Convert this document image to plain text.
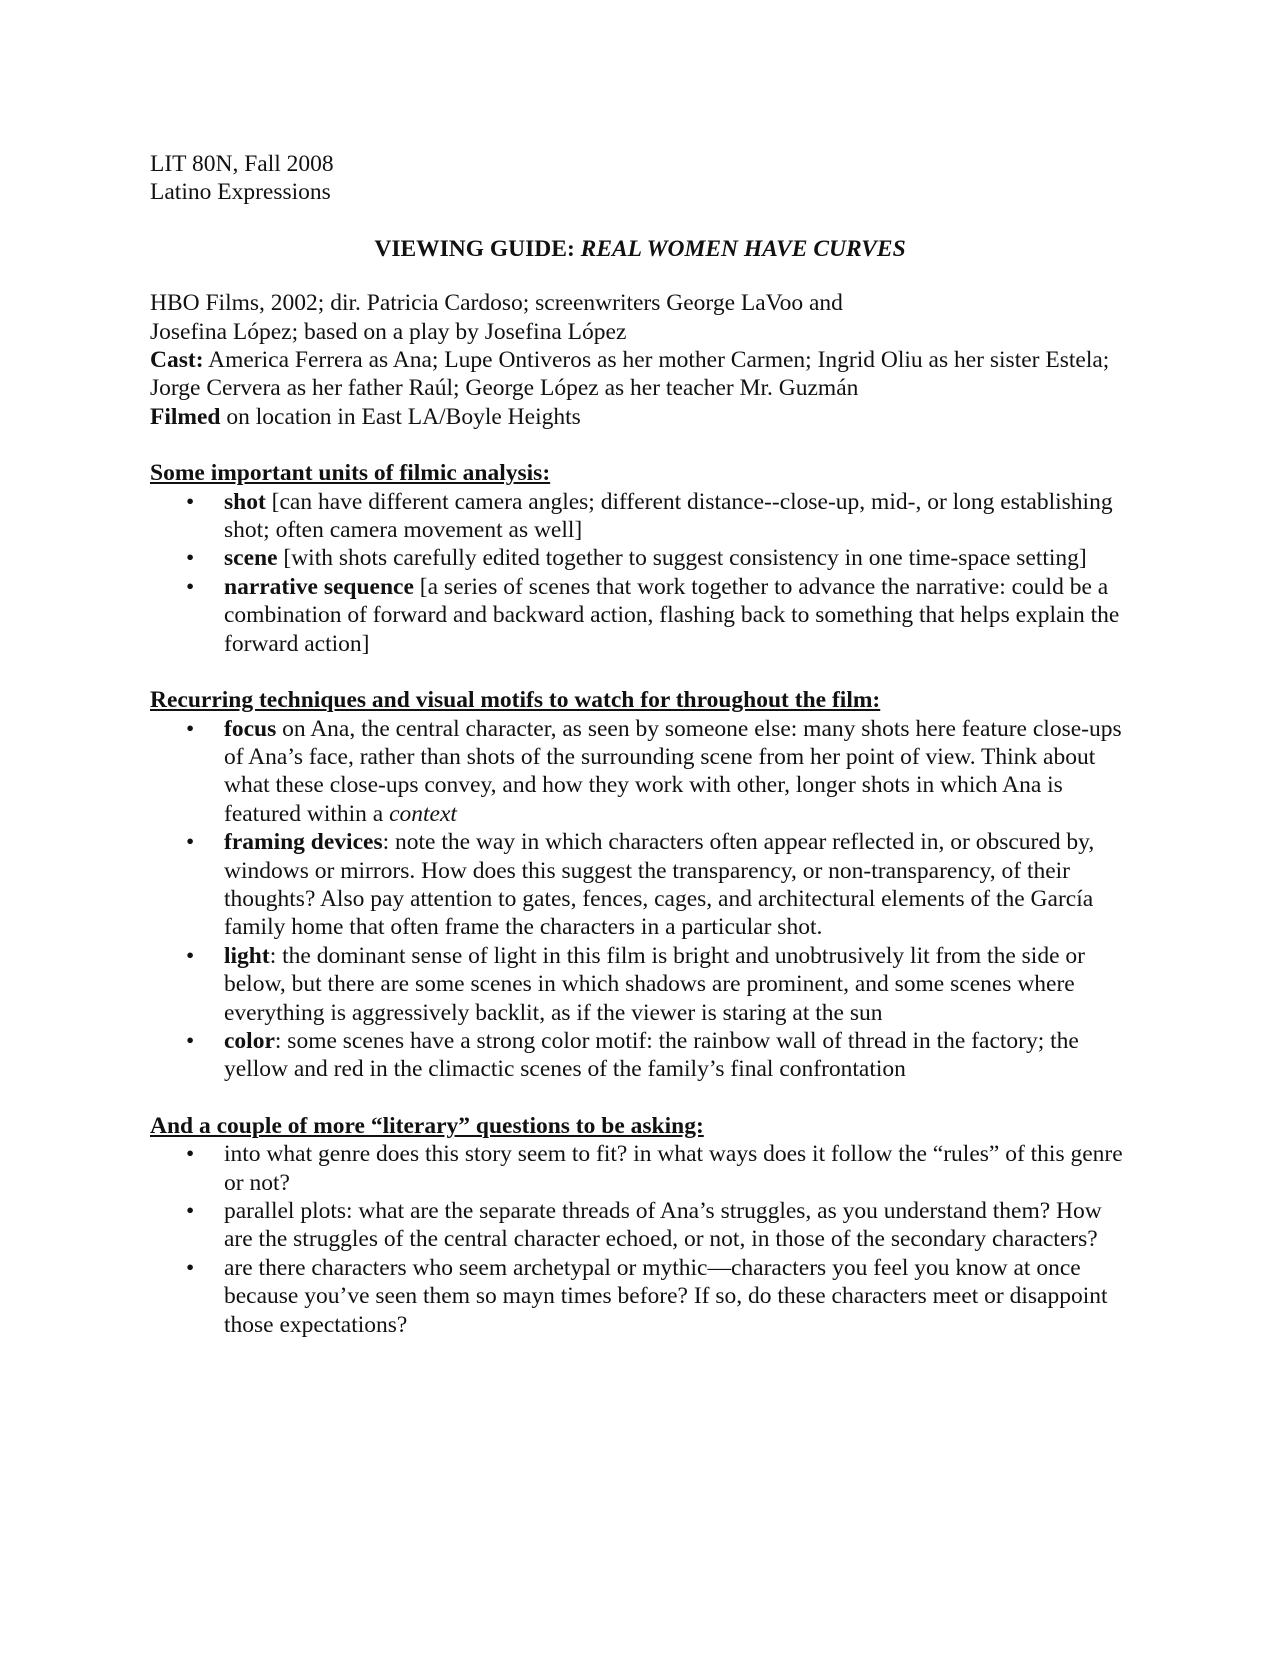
LIT 80N, Fall 2008

Latino Expressions

VIEWING GUIDE: REAL WOMEN HAVE CURVES

HBO Films, 2002; dir. Patricia Cardoso; screenwriters George LaVoo and

Josefina López; based on a play by Josefina López

Cast: America Ferrera as Ana; Lupe Ontiveros as her mother Carmen; Ingrid Oliu as her sister Estela; Jorge Cervera as her father Raúl; George López as her teacher Mr. Guzmán

Filmed on location in East LA/Boyle Heights

Some important units of filmic analysis:

• shot [can have different camera angles; different distance--close-up, mid-, or long establishing shot; often camera movement as well]
• scene [with shots carefully edited together to suggest consistency in one time-space setting]
• narrative sequence [a series of scenes that work together to advance the narrative: could be a combination of forward and backward action, flashing back to something that helps explain the forward action]

Recurring techniques and visual motifs to watch for throughout the film:

• focus on Ana, the central character, as seen by someone else: many shots here feature close-ups of Ana’s face, rather than shots of the surrounding scene from her point of view. Think about what these close-ups convey, and how they work with other, longer shots in which Ana is featured within a context
• framing devices: note the way in which characters often appear reflected in, or obscured by, windows or mirrors. How does this suggest the transparency, or non-transparency, of their thoughts? Also pay attention to gates, fences, cages, and architectural elements of the García family home that often frame the characters in a particular shot.
• light: the dominant sense of light in this film is bright and unobtrusively lit from the side or below, but there are some scenes in which shadows are prominent, and some scenes where everything is aggressively backlit, as if the viewer is staring at the sun
• color: some scenes have a strong color motif: the rainbow wall of thread in the factory; the yellow and red in the climactic scenes of the family’s final confrontation

And a couple of more “literary” questions to be asking:

• into what genre does this story seem to fit? in what ways does it follow the “rules” of this genre or not?
• parallel plots: what are the separate threads of Ana’s struggles, as you understand them? How are the struggles of the central character echoed, or not, in those of the secondary characters?
• are there characters who seem archetypal or mythic—characters you feel you know at once because you’ve seen them so mayn times before? If so, do these characters meet or disappoint those expectations?
